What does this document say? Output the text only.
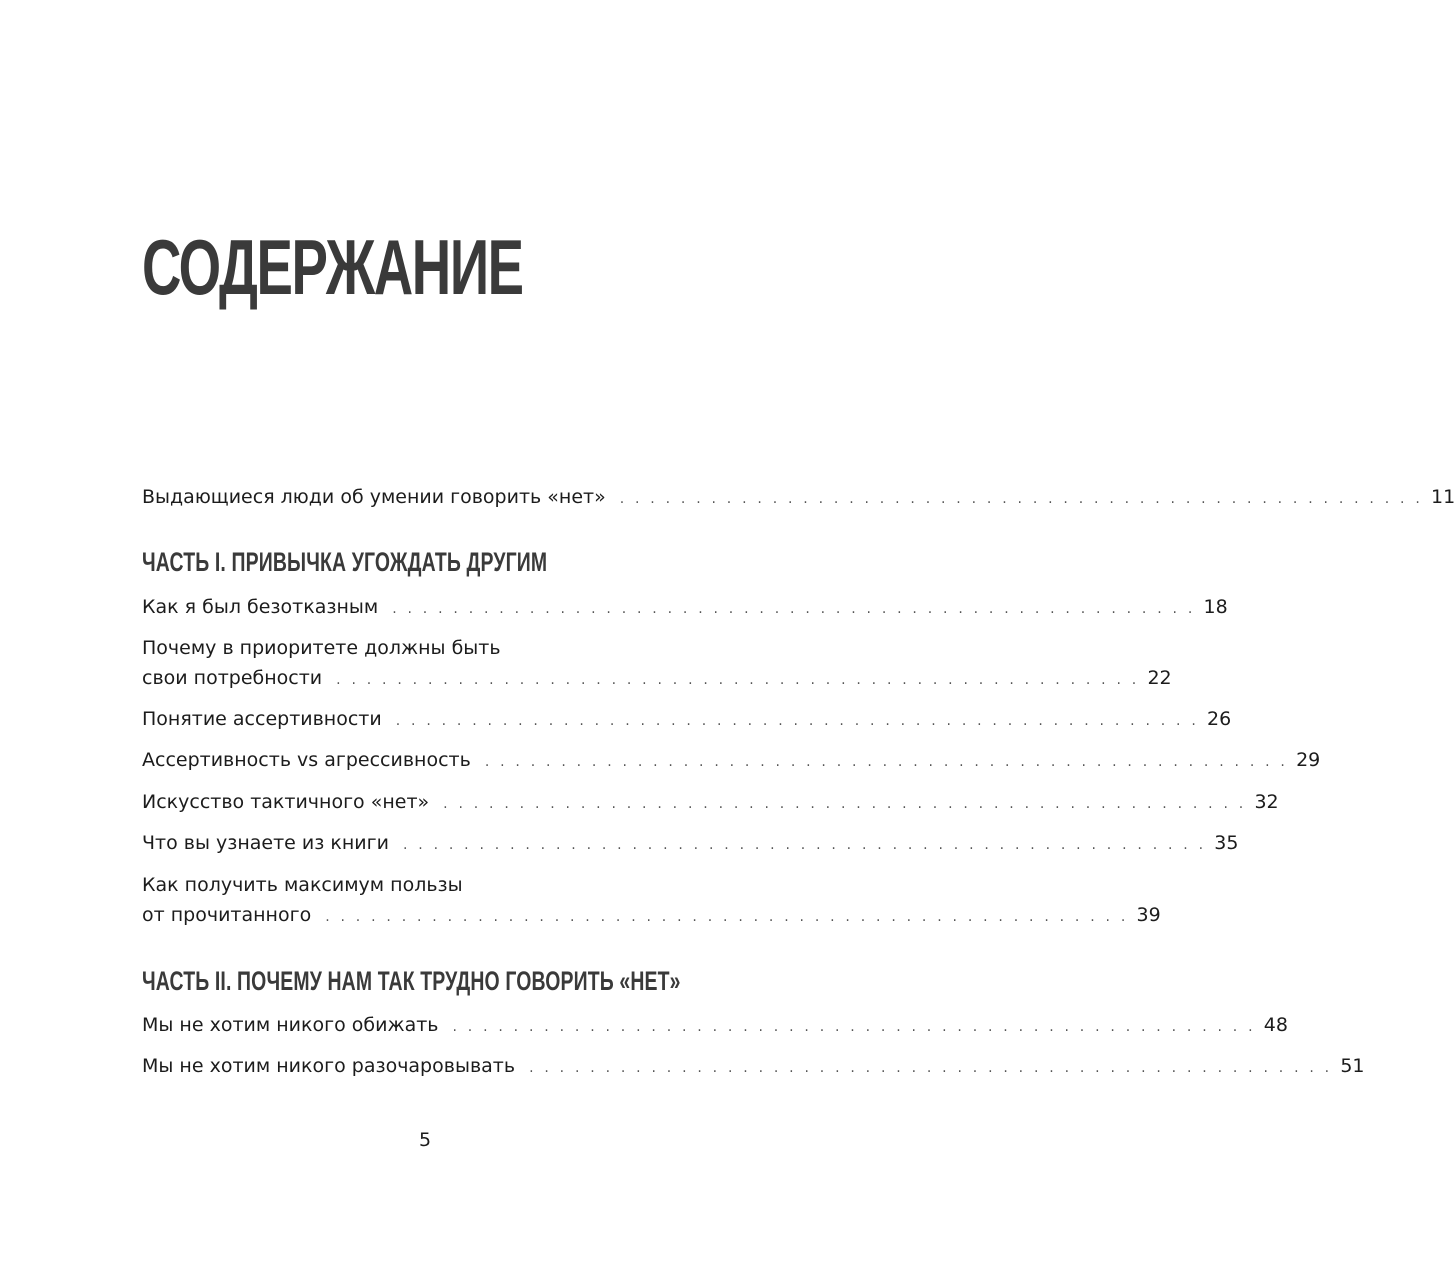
СОДЕРЖАНИЕ
Выдающиеся люди об умении говорить «нет» . . . . . . . . . . . . . . . . . . . . . . . . . . . . . . . . . . . . . . . . . . . . . . . . . . . . . 11
ЧАСТЬ I. ПРИВЫЧКА УГОЖДАТЬ ДРУГИМ
Как я был безотказным . . . . . . . . . . . . . . . . . . . . . . . . . . . . . . . . . . . . . . . . . . . . . . . . . . . . . 18
Почему в приоритете должны быть
свои потребности . . . . . . . . . . . . . . . . . . . . . . . . . . . . . . . . . . . . . . . . . . . . . . . . . . . . . 22
Понятие ассертивности . . . . . . . . . . . . . . . . . . . . . . . . . . . . . . . . . . . . . . . . . . . . . . . . . . . . . 26
Ассертивность vs агрессивность . . . . . . . . . . . . . . . . . . . . . . . . . . . . . . . . . . . . . . . . . . . . . . . . . . . . . 29
Искусство тактичного «нет» . . . . . . . . . . . . . . . . . . . . . . . . . . . . . . . . . . . . . . . . . . . . . . . . . . . . . 32
Что вы узнаете из книги . . . . . . . . . . . . . . . . . . . . . . . . . . . . . . . . . . . . . . . . . . . . . . . . . . . . . 35
Как получить максимум пользы
от прочитанного . . . . . . . . . . . . . . . . . . . . . . . . . . . . . . . . . . . . . . . . . . . . . . . . . . . . . 39
ЧАСТЬ II. ПОЧЕМУ НАМ ТАК ТРУДНО ГОВОРИТЬ «НЕТ»
Мы не хотим никого обижать . . . . . . . . . . . . . . . . . . . . . . . . . . . . . . . . . . . . . . . . . . . . . . . . . . . . . 48
Мы не хотим никого разочаровывать . . . . . . . . . . . . . . . . . . . . . . . . . . . . . . . . . . . . . . . . . . . . . . . . . . . . . 51
5
